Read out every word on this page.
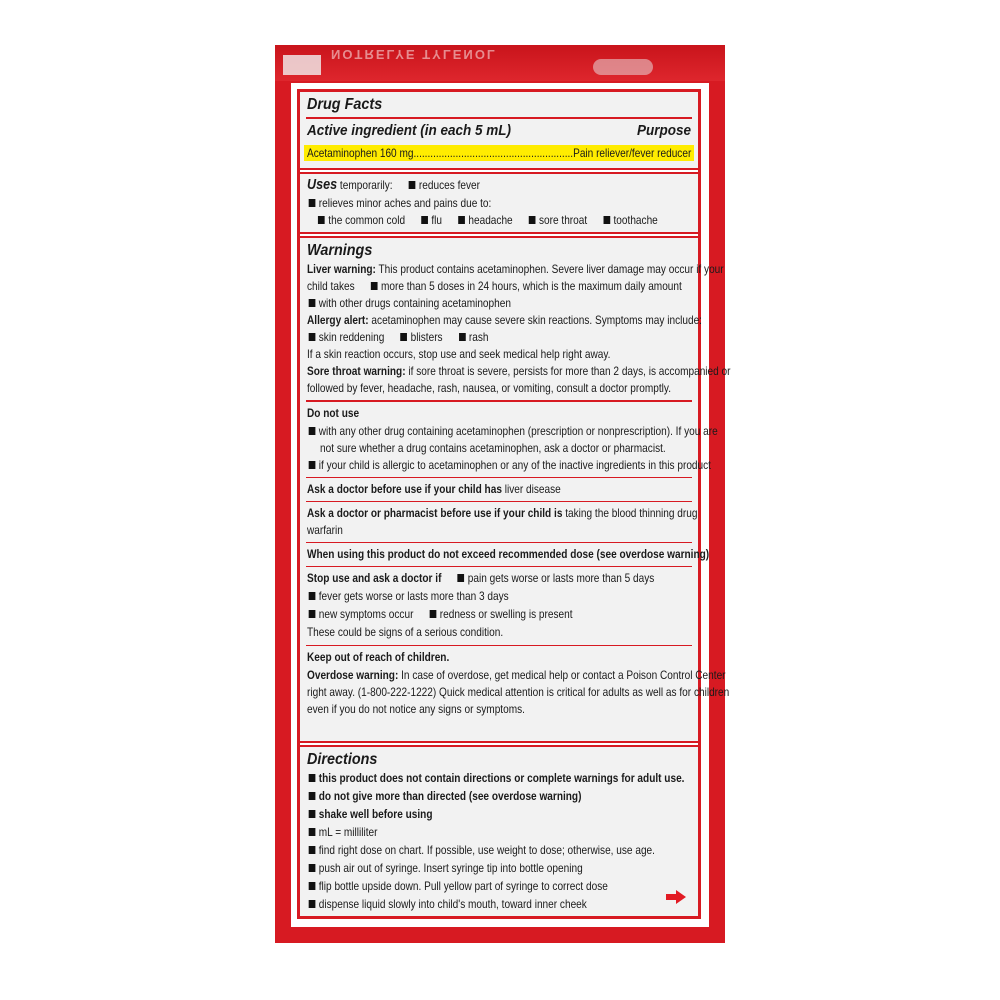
NOTRELYE TYLENOL
Drug Facts
Active ingredient (in each 5 mL)	Purpose
Acetaminophen 160 mg.........................................................Pain reliever/fever reducer
Uses temporarily: reduces fever
relieves minor aches and pains due to:
the common cold flu headache sore throat toothache
Warnings
Liver warning: This product contains acetaminophen. Severe liver damage may occur if your
child takes more than 5 doses in 24 hours, which is the maximum daily amount
with other drugs containing acetaminophen
Allergy alert: acetaminophen may cause severe skin reactions. Symptoms may include:
skin reddening blisters rash
If a skin reaction occurs, stop use and seek medical help right away.
Sore throat warning: if sore throat is severe, persists for more than 2 days, is accompanied or
followed by fever, headache, rash, nausea, or vomiting, consult a doctor promptly.
Do not use
with any other drug containing acetaminophen (prescription or nonprescription). If you are
not sure whether a drug contains acetaminophen, ask a doctor or pharmacist.
if your child is allergic to acetaminophen or any of the inactive ingredients in this product
Ask a doctor before use if your child has liver disease
Ask a doctor or pharmacist before use if your child is taking the blood thinning drug
warfarin
When using this product do not exceed recommended dose (see overdose warning)
Stop use and ask a doctor if pain gets worse or lasts more than 5 days
fever gets worse or lasts more than 3 days
new symptoms occur redness or swelling is present
These could be signs of a serious condition.
Keep out of reach of children.
Overdose warning: In case of overdose, get medical help or contact a Poison Control Center
right away. (1-800-222-1222) Quick medical attention is critical for adults as well as for children
even if you do not notice any signs or symptoms.
Directions
this product does not contain directions or complete warnings for adult use.
do not give more than directed (see overdose warning)
shake well before using
mL = milliliter
find right dose on chart. If possible, use weight to dose; otherwise, use age.
push air out of syringe. Insert syringe tip into bottle opening
flip bottle upside down. Pull yellow part of syringe to correct dose
dispense liquid slowly into child's mouth, toward inner cheek
